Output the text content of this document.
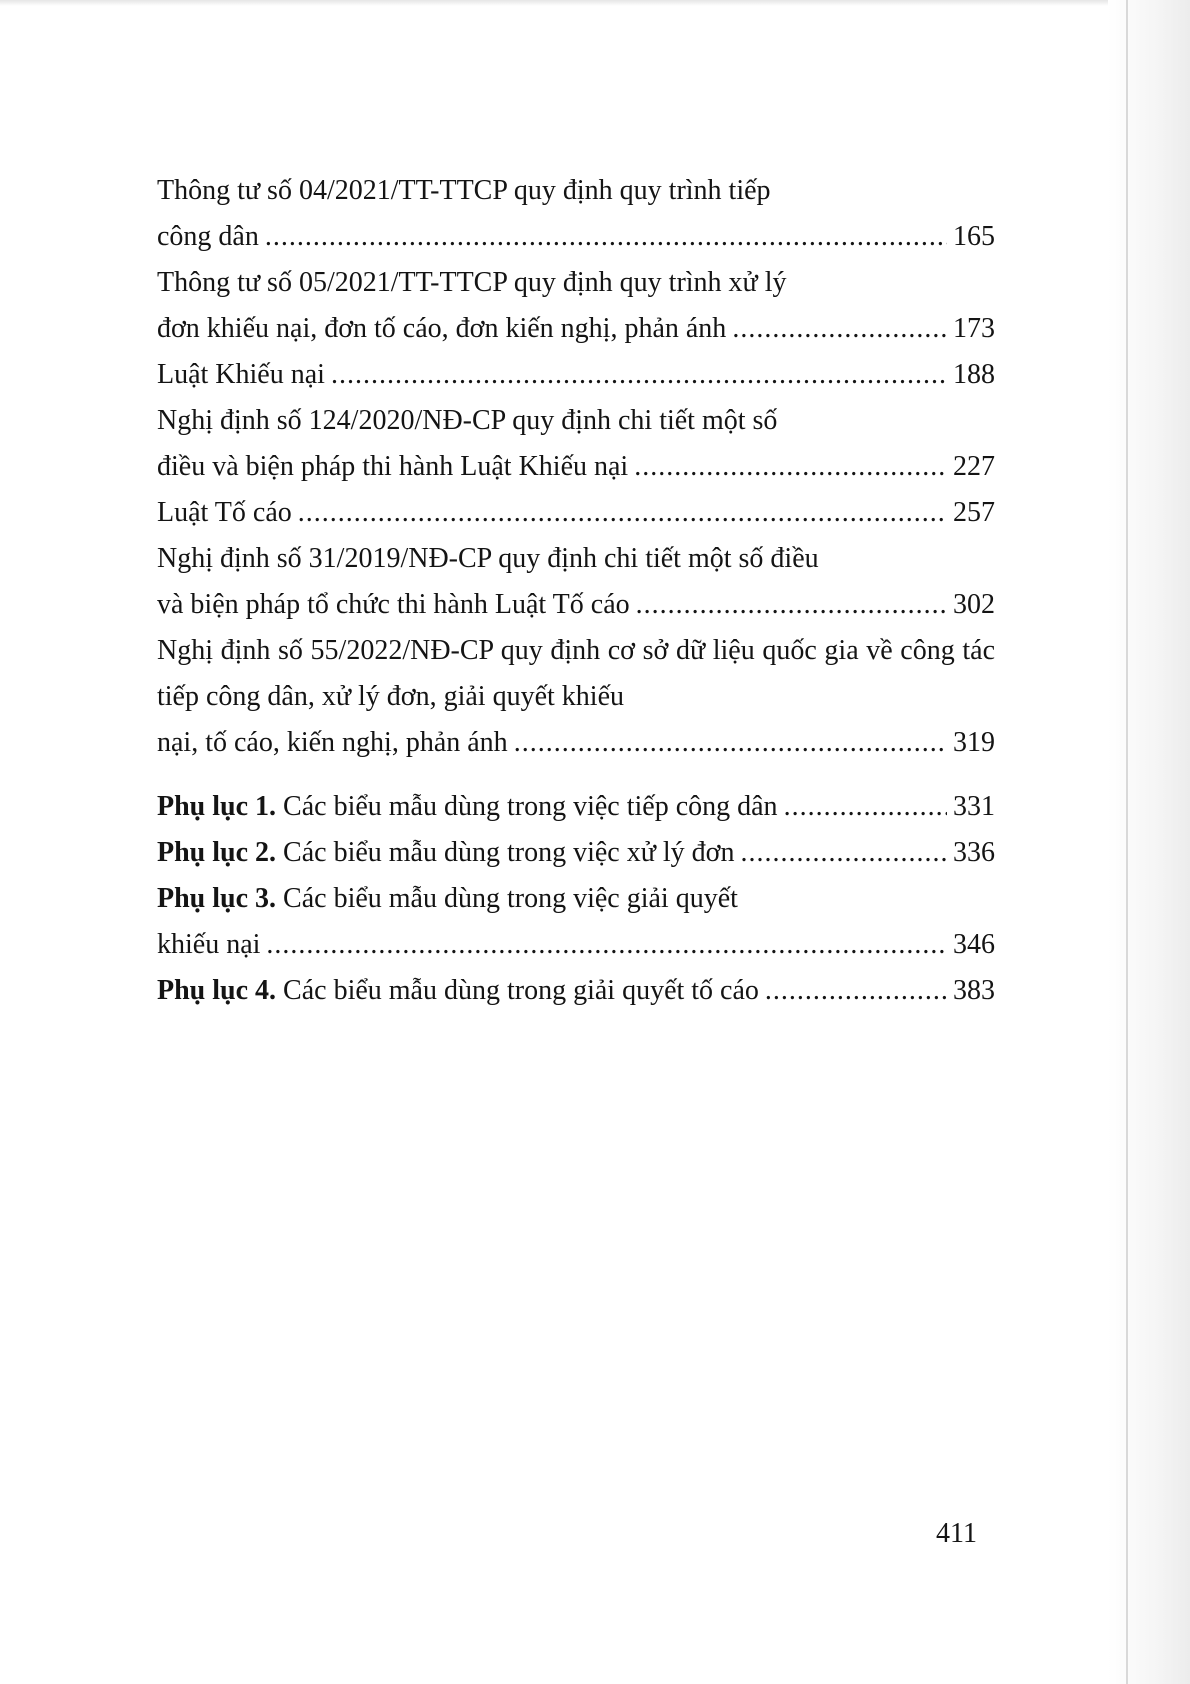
Thông tư số 04/2021/TT-TTCP quy định quy trình tiếp
công dân .....	165
Thông tư số 05/2021/TT-TTCP quy định quy trình xử lý
đơn khiếu nại, đơn tố cáo, đơn kiến nghị, phản ánh .....	173
Luật Khiếu nại .....	188
Nghị định số 124/2020/NĐ-CP quy định chi tiết một số
điều và biện pháp thi hành Luật Khiếu nại .....	227
Luật Tố cáo .....	257
Nghị định số 31/2019/NĐ-CP quy định chi tiết một số điều
và biện pháp tổ chức thi hành Luật Tố cáo .....	302
Nghị định số 55/2022/NĐ-CP quy định cơ sở dữ liệu quốc gia về công tác tiếp công dân, xử lý đơn, giải quyết khiếu
nại, tố cáo, kiến nghị, phản ánh .....	319
Phụ lục 1. Các biểu mẫu dùng trong việc tiếp công dân .....	331
Phụ lục 2. Các biểu mẫu dùng trong việc xử lý đơn .....	336
Phụ lục 3. Các biểu mẫu dùng trong việc giải quyết
khiếu nại .....	346
Phụ lục 4. Các biểu mẫu dùng trong giải quyết tố cáo .....	383
411
